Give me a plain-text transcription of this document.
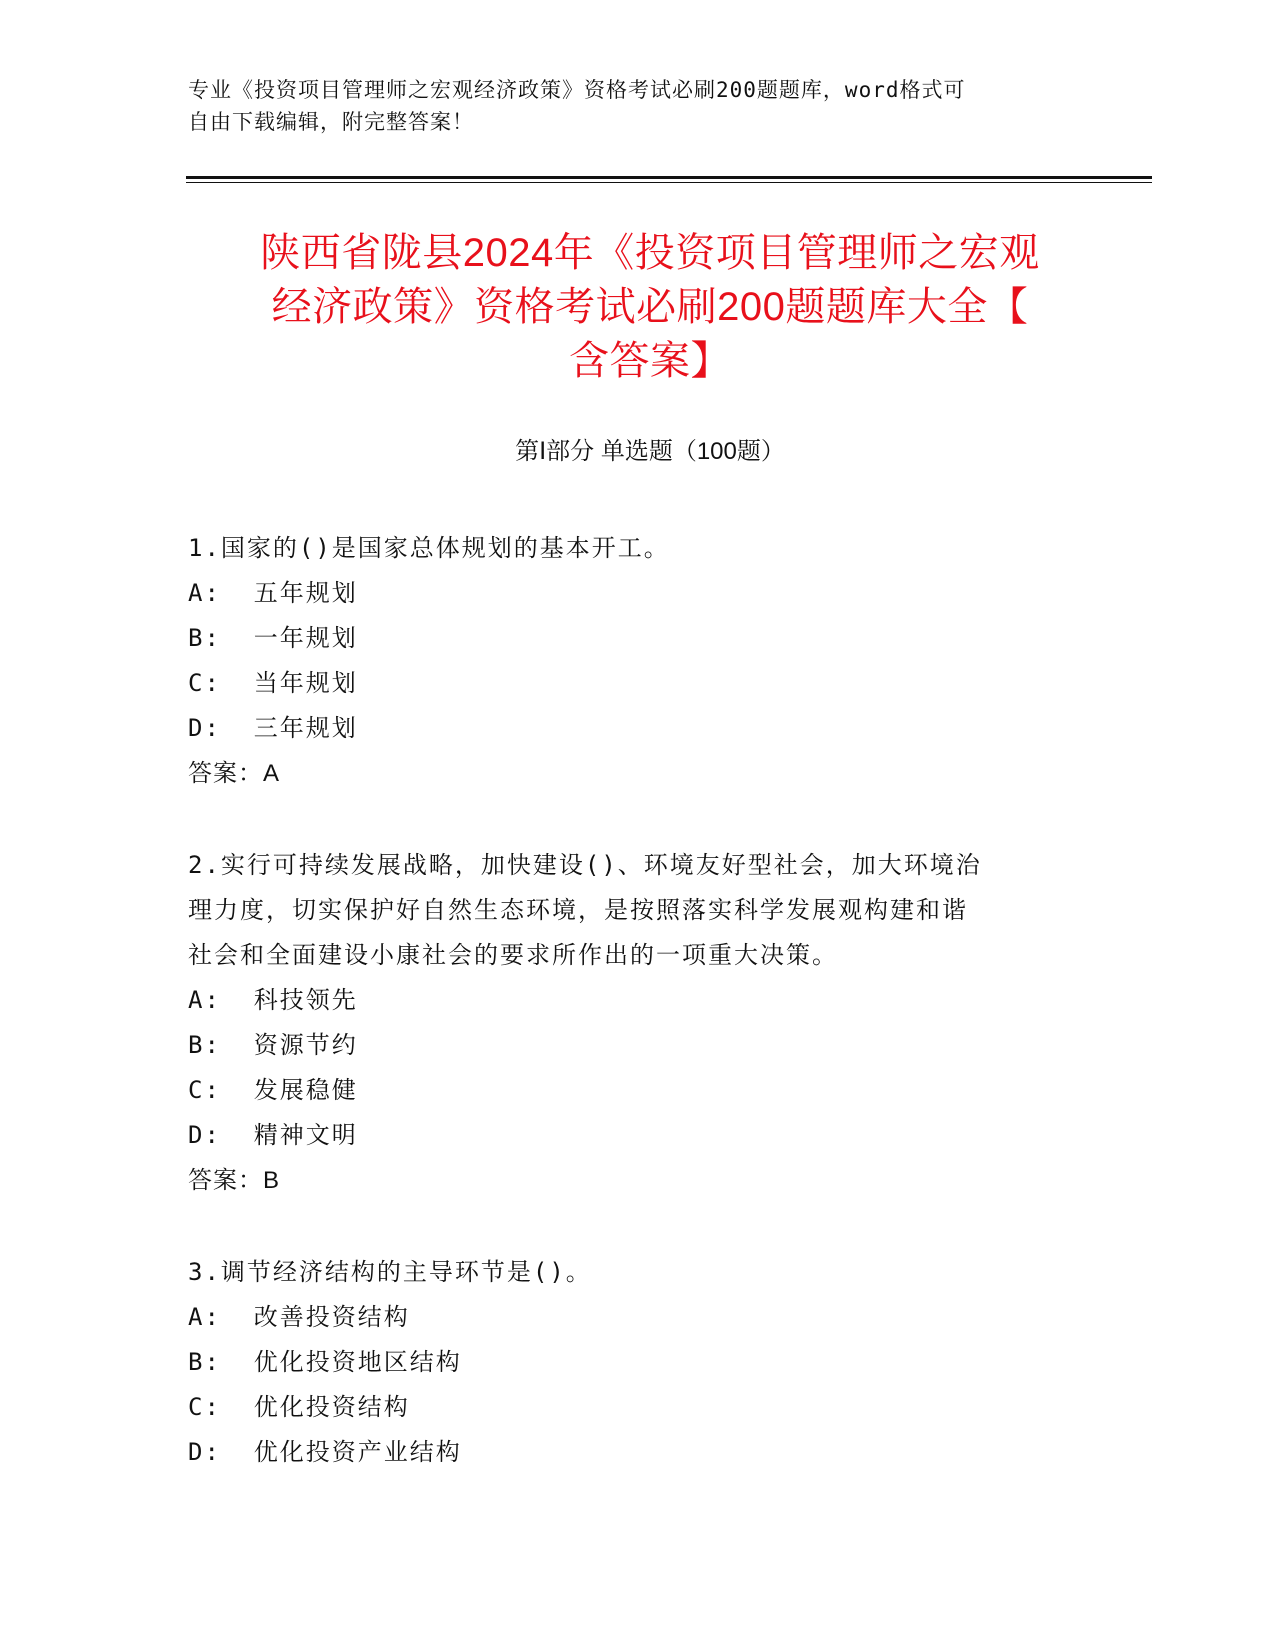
专业《投资项目管理师之宏观经济政策》资格考试必刷200题题库，word格式可
自由下载编辑，附完整答案！
陕西省陇县2024年《投资项目管理师之宏观
经济政策》资格考试必刷200题题库大全【
含答案】
第Ⅰ部分 单选题（100题）
1.国家的()是国家总体规划的基本开工。
A:  五年规划
B:  一年规划
C:  当年规划
D:  三年规划
答案：A
2.实行可持续发展战略，加快建设()、环境友好型社会，加大环境治
理力度，切实保护好自然生态环境，是按照落实科学发展观构建和谐
社会和全面建设小康社会的要求所作出的一项重大决策。
A:  科技领先
B:  资源节约
C:  发展稳健
D:  精神文明
答案：B
3.调节经济结构的主导环节是()。
A:  改善投资结构
B:  优化投资地区结构
C:  优化投资结构
D:  优化投资产业结构
